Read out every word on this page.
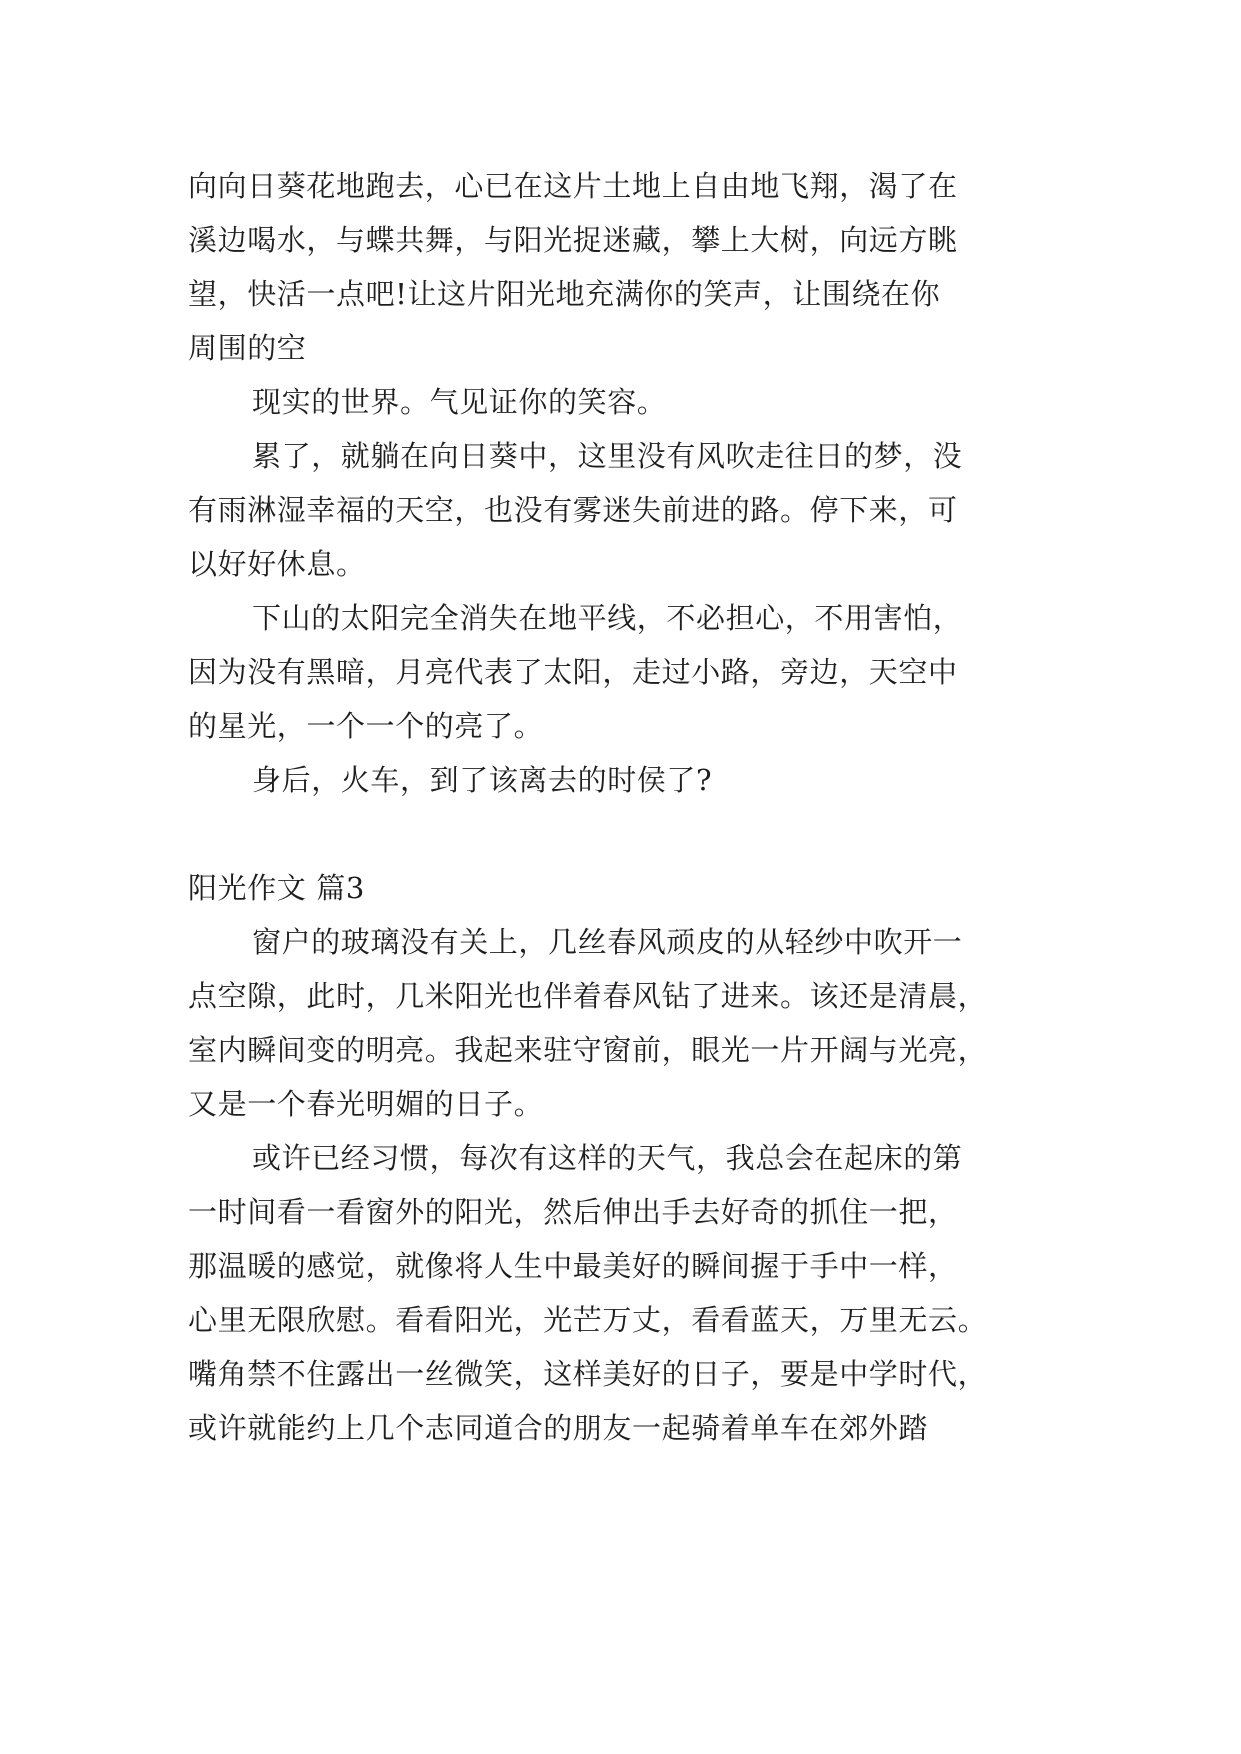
向向日葵花地跑去，心已在这片土地上自由地飞翔，渴了在
溪边喝水，与蝶共舞，与阳光捉迷藏，攀上大树，向远方眺
望，快活一点吧!让这片阳光地充满你的笑声，让围绕在你
周围的空
现实的世界。气见证你的笑容。
累了，就躺在向日葵中，这里没有风吹走往日的梦，没
有雨淋湿幸福的天空，也没有雾迷失前进的路。停下来，可
以好好休息。
下山的太阳完全消失在地平线，不必担心，不用害怕，
因为没有黑暗，月亮代表了太阳，走过小路，旁边，天空中
的星光，一个一个的亮了。
身后，火车，到了该离去的时侯了?
阳光作文 篇3
窗户的玻璃没有关上，几丝春风顽皮的从轻纱中吹开一
点空隙，此时，几米阳光也伴着春风钻了进来。该还是清晨，
室内瞬间变的明亮。我起来驻守窗前，眼光一片开阔与光亮，
又是一个春光明媚的日子。
或许已经习惯，每次有这样的天气，我总会在起床的第
一时间看一看窗外的阳光，然后伸出手去好奇的抓住一把，
那温暖的感觉，就像将人生中最美好的瞬间握于手中一样，
心里无限欣慰。看看阳光，光芒万丈，看看蓝天，万里无云。
嘴角禁不住露出一丝微笑，这样美好的日子，要是中学时代，
或许就能约上几个志同道合的朋友一起骑着单车在郊外踏
